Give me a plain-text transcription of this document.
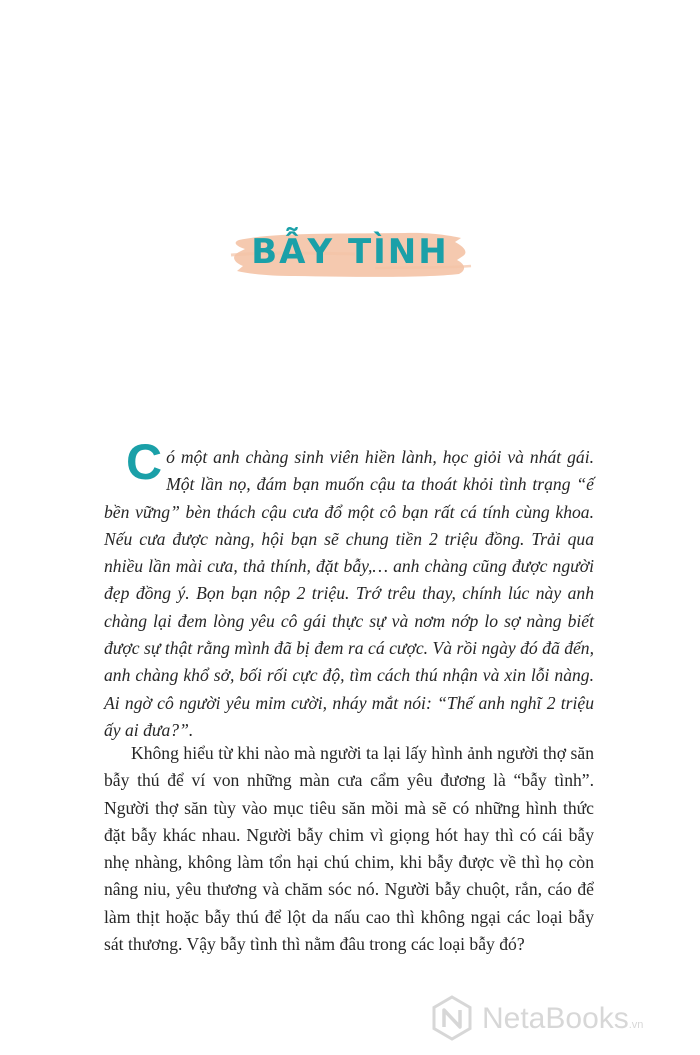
BẪY TÌNH

Có một anh chàng sinh viên hiền lành, học giỏi và nhát gái. Một lần nọ, đám bạn muốn cậu ta thoát khỏi tình trạng “ế bền vững” bèn thách cậu cưa đổ một cô bạn rất cá tính cùng khoa. Nếu cưa được nàng, hội bạn sẽ chung tiền 2 triệu đồng. Trải qua nhiều lần mài cưa, thả thính, đặt bẫy,… anh chàng cũng được người đẹp đồng ý. Bọn bạn nộp 2 triệu. Trớ trêu thay, chính lúc này anh chàng lại đem lòng yêu cô gái thực sự và nơm nớp lo sợ nàng biết được sự thật rằng mình đã bị đem ra cá cược. Và rồi ngày đó đã đến, anh chàng khổ sở, bối rối cực độ, tìm cách thú nhận và xin lỗi nàng. Ai ngờ cô người yêu mỉm cười, nháy mắt nói: “Thế anh nghĩ 2 triệu ấy ai đưa?”.

Không hiểu từ khi nào mà người ta lại lấy hình ảnh người thợ săn bẫy thú để ví von những màn cưa cẩm yêu đương là “bẫy tình”. Người thợ săn tùy vào mục tiêu săn mồi mà sẽ có những hình thức đặt bẫy khác nhau. Người bẫy chim vì giọng hót hay thì có cái bẫy nhẹ nhàng, không làm tổn hại chú chim, khi bẫy được về thì họ còn nâng niu, yêu thương và chăm sóc nó. Người bẫy chuột, rắn, cáo để làm thịt hoặc bẫy thú để lột da nấu cao thì không ngại các loại bẫy sát thương. Vậy bẫy tình thì nằm đâu trong các loại bẫy đó?

NetaBooks.vn
